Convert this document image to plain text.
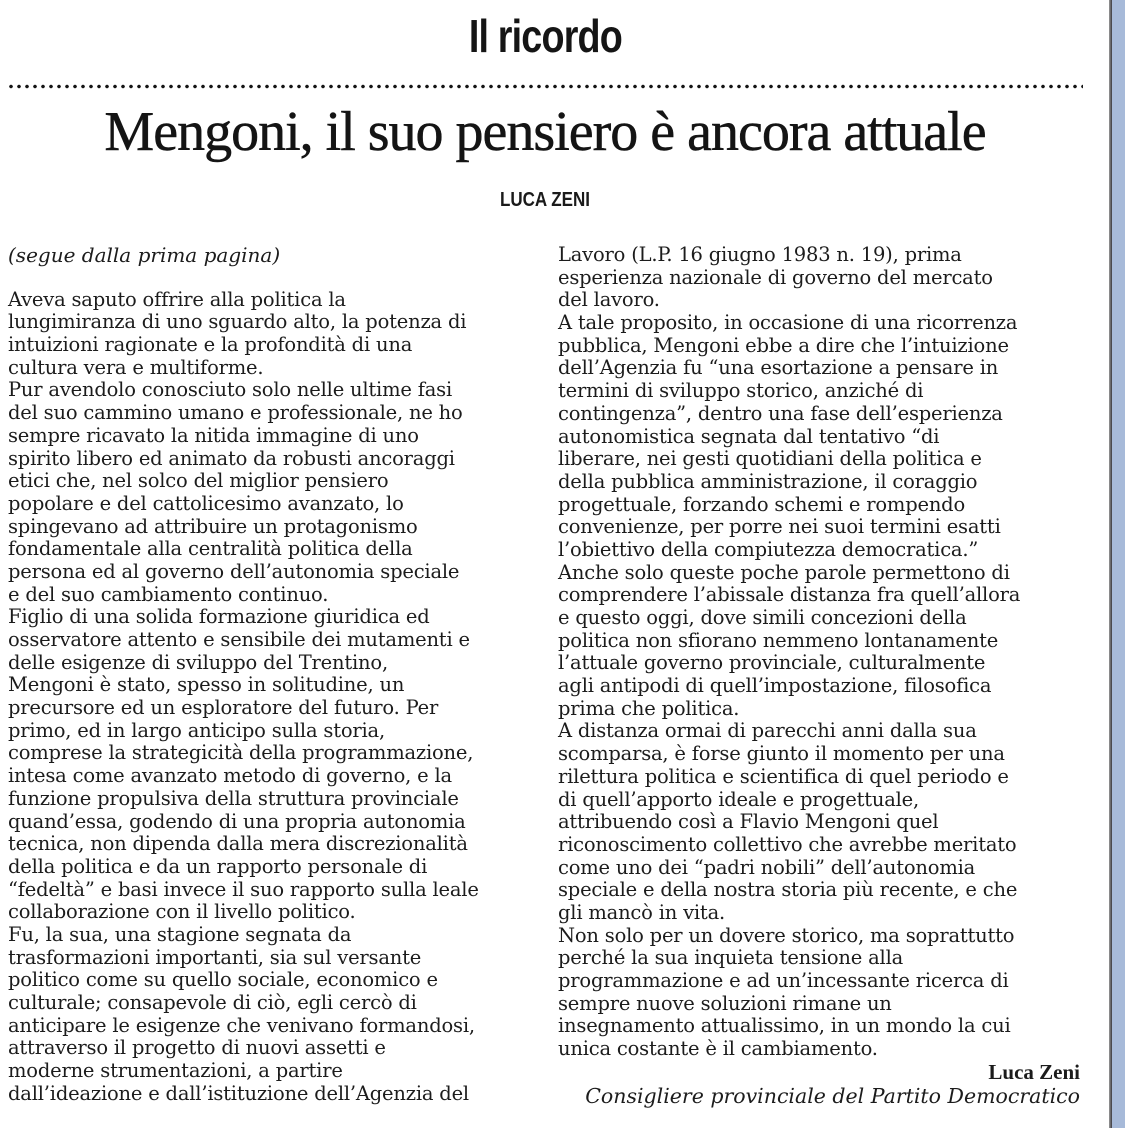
Il ricordo
Mengoni, il suo pensiero è ancora attuale
LUCA ZENI

(segue dalla prima pagina)

Aveva saputo offrire alla politica la
lungimiranza di uno sguardo alto, la potenza di
intuizioni ragionate e la profondità di una
cultura vera e multiforme.
Pur avendolo conosciuto solo nelle ultime fasi
del suo cammino umano e professionale, ne ho
sempre ricavato la nitida immagine di uno
spirito libero ed animato da robusti ancoraggi
etici che, nel solco del miglior pensiero
popolare e del cattolicesimo avanzato, lo
spingevano ad attribuire un protagonismo
fondamentale alla centralità politica della
persona ed al governo dell’autonomia speciale
e del suo cambiamento continuo.
Figlio di una solida formazione giuridica ed
osservatore attento e sensibile dei mutamenti e
delle esigenze di sviluppo del Trentino,
Mengoni è stato, spesso in solitudine, un
precursore ed un esploratore del futuro. Per
primo, ed in largo anticipo sulla storia,
comprese la strategicità della programmazione,
intesa come avanzato metodo di governo, e la
funzione propulsiva della struttura provinciale
quand’essa, godendo di una propria autonomia
tecnica, non dipenda dalla mera discrezionalità
della politica e da un rapporto personale di
“fedeltà” e basi invece il suo rapporto sulla leale
collaborazione con il livello politico.
Fu, la sua, una stagione segnata da
trasformazioni importanti, sia sul versante
politico come su quello sociale, economico e
culturale; consapevole di ciò, egli cercò di
anticipare le esigenze che venivano formandosi,
attraverso il progetto di nuovi assetti e
moderne strumentazioni, a partire
dall’ideazione e dall’istituzione dell’Agenzia del
Lavoro (L.P. 16 giugno 1983 n. 19), prima
esperienza nazionale di governo del mercato
del lavoro.
A tale proposito, in occasione di una ricorrenza
pubblica, Mengoni ebbe a dire che l’intuizione
dell’Agenzia fu “una esortazione a pensare in
termini di sviluppo storico, anziché di
contingenza”, dentro una fase dell’esperienza
autonomistica segnata dal tentativo “di
liberare, nei gesti quotidiani della politica e
della pubblica amministrazione, il coraggio
progettuale, forzando schemi e rompendo
convenienze, per porre nei suoi termini esatti
l’obiettivo della compiutezza democratica.”
Anche solo queste poche parole permettono di
comprendere l’abissale distanza fra quell’allora
e questo oggi, dove simili concezioni della
politica non sfiorano nemmeno lontanamente
l’attuale governo provinciale, culturalmente
agli antipodi di quell’impostazione, filosofica
prima che politica.
A distanza ormai di parecchi anni dalla sua
scomparsa, è forse giunto il momento per una
rilettura politica e scientifica di quel periodo e
di quell’apporto ideale e progettuale,
attribuendo così a Flavio Mengoni quel
riconoscimento collettivo che avrebbe meritato
come uno dei “padri nobili” dell’autonomia
speciale e della nostra storia più recente, e che
gli mancò in vita.
Non solo per un dovere storico, ma soprattutto
perché la sua inquieta tensione alla
programmazione e ad un’incessante ricerca di
sempre nuove soluzioni rimane un
insegnamento attualissimo, in un mondo la cui
unica costante è il cambiamento.
Luca Zeni
Consigliere provinciale del Partito Democratico
